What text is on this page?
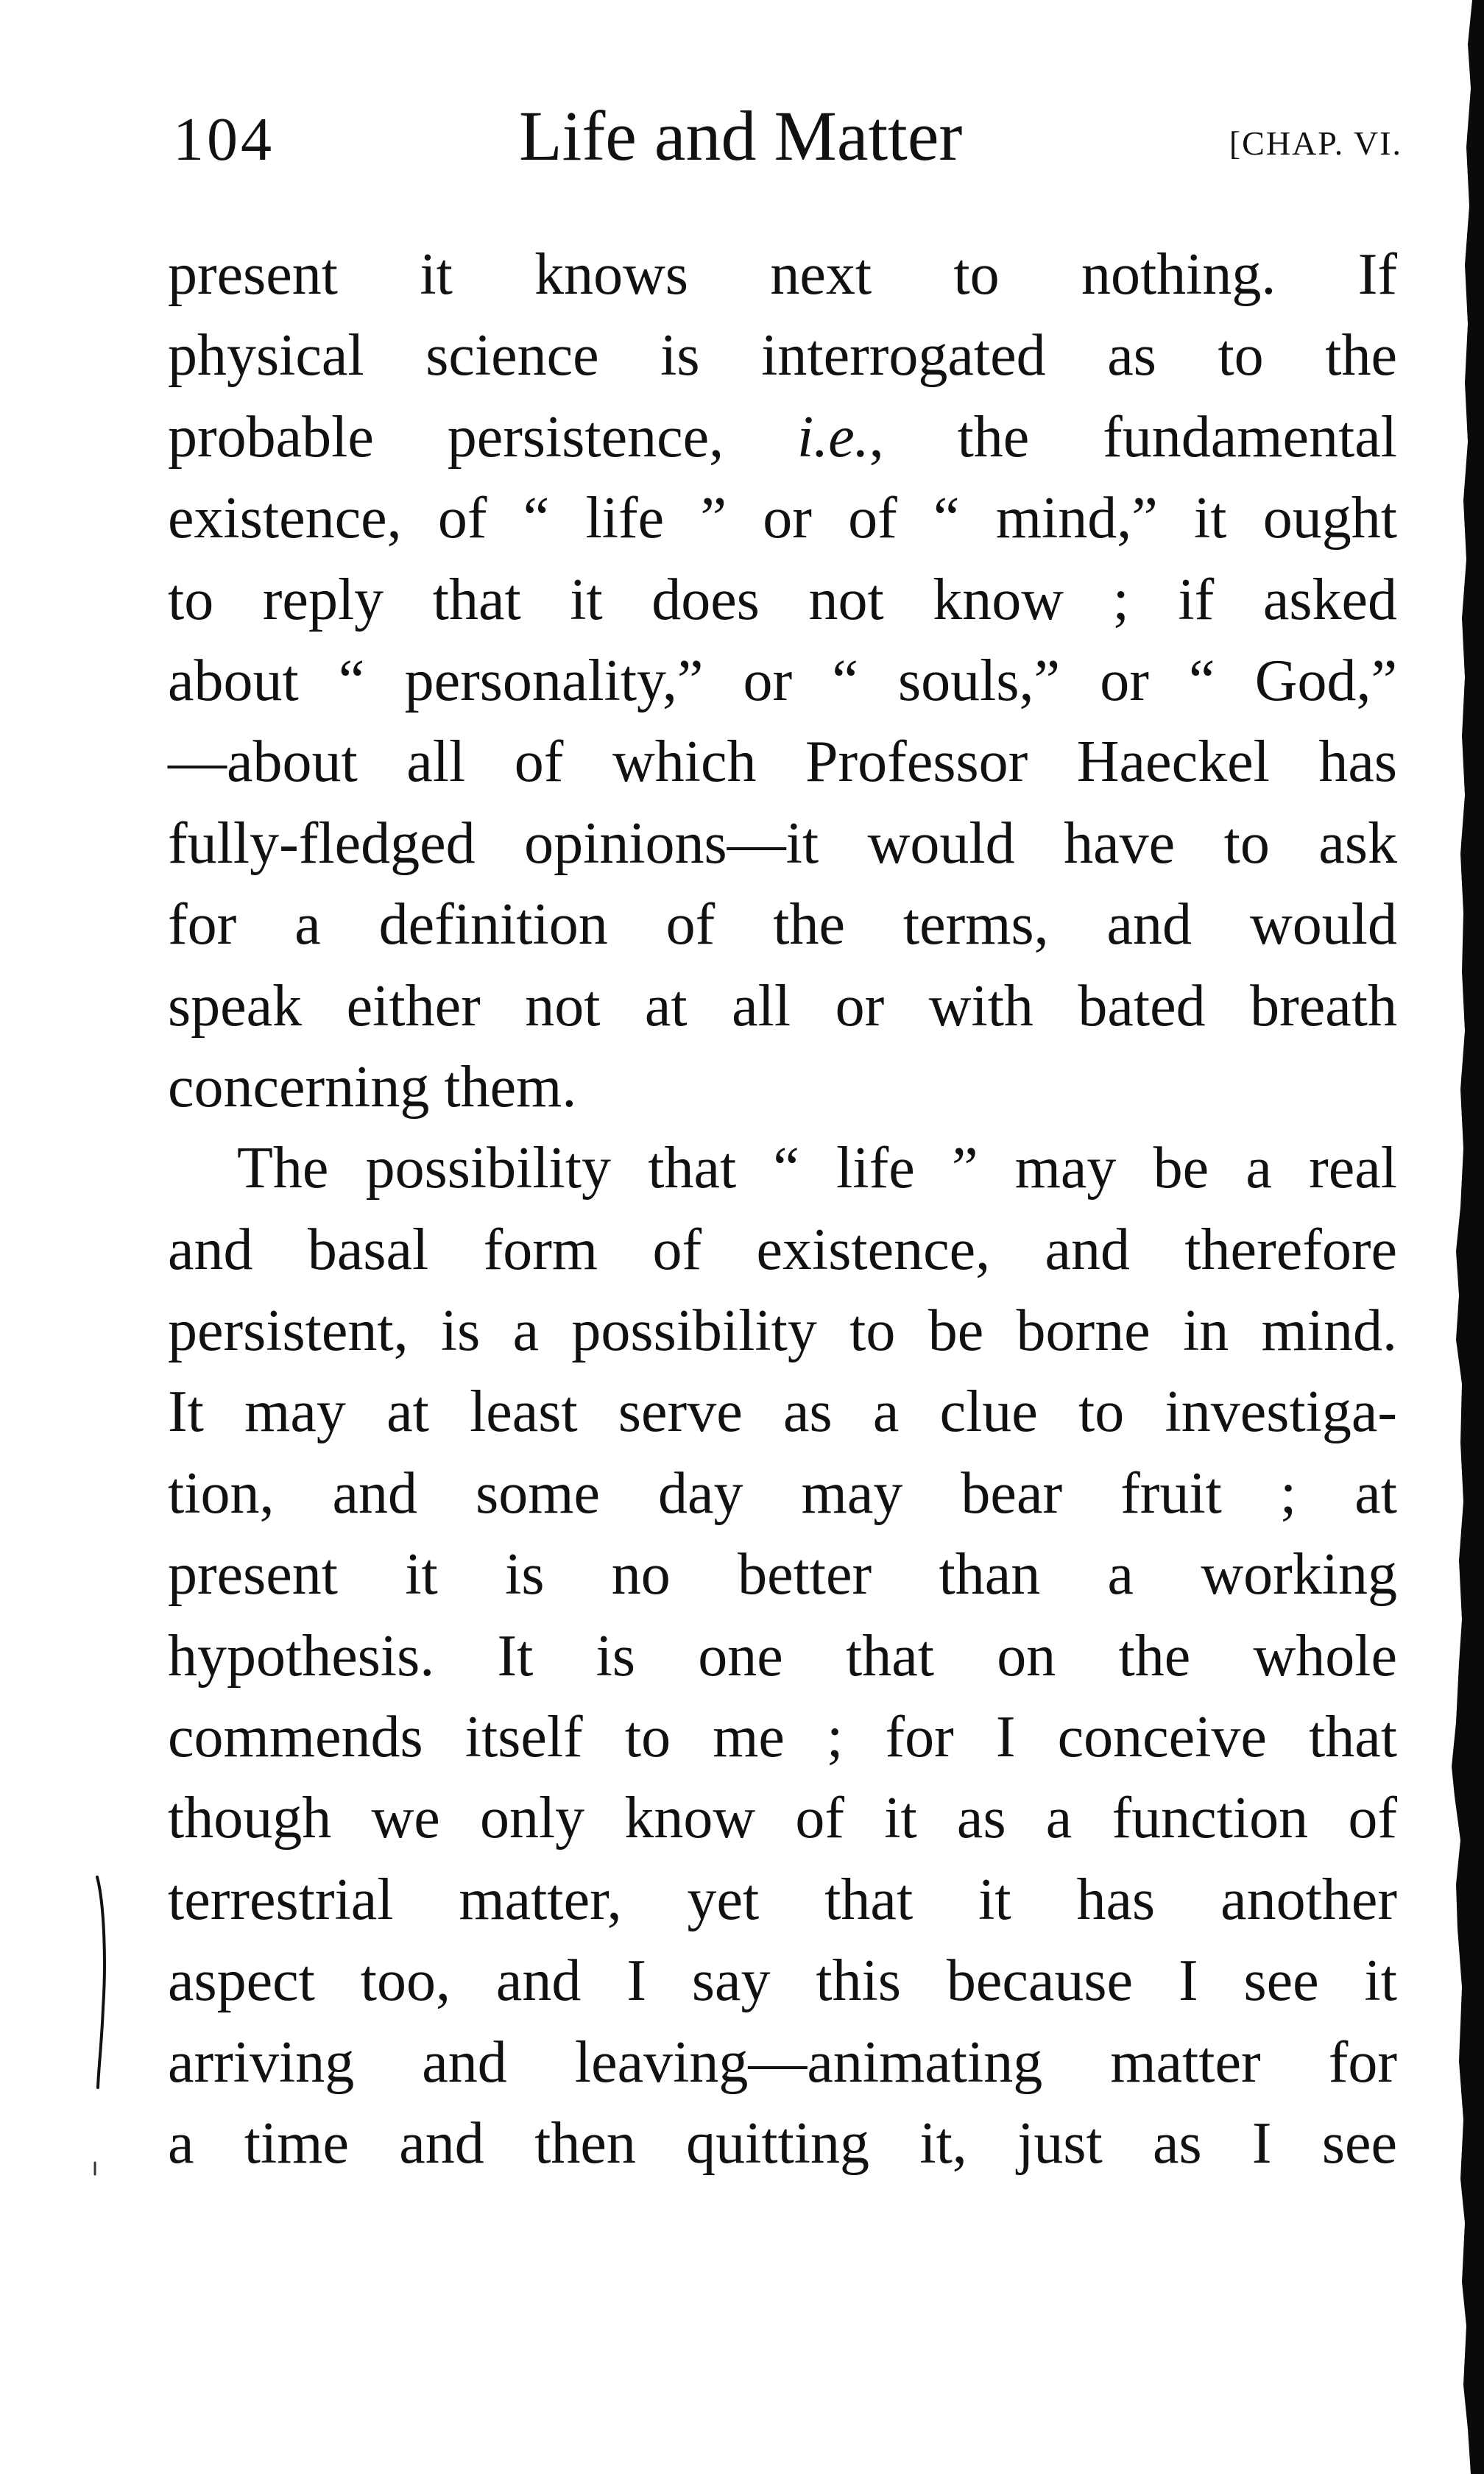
104	Life and Matter	[CHAP. VI.
present it knows next to nothing. If
physical science is interrogated as to the
probable persistence, i.e., the fundamental
existence, of “ life ” or of “ mind,” it ought
to reply that it does not know ; if asked
about “ personality,” or “ souls,” or “ God,”
—about all of which Professor Haeckel has
fully-fledged opinions—it would have to ask
for a definition of the terms, and would
speak either not at all or with bated breath
concerning them.
The possibility that “ life ” may be a real
and basal form of existence, and therefore
persistent, is a possibility to be borne in mind.
It may at least serve as a clue to investiga-
tion, and some day may bear fruit ; at
present it is no better than a working
hypothesis. It is one that on the whole
commends itself to me ; for I conceive that
though we only know of it as a function of
terrestrial matter, yet that it has another
aspect too, and I say this because I see it
arriving and leaving—animating matter for
a time and then quitting it, just as I see
